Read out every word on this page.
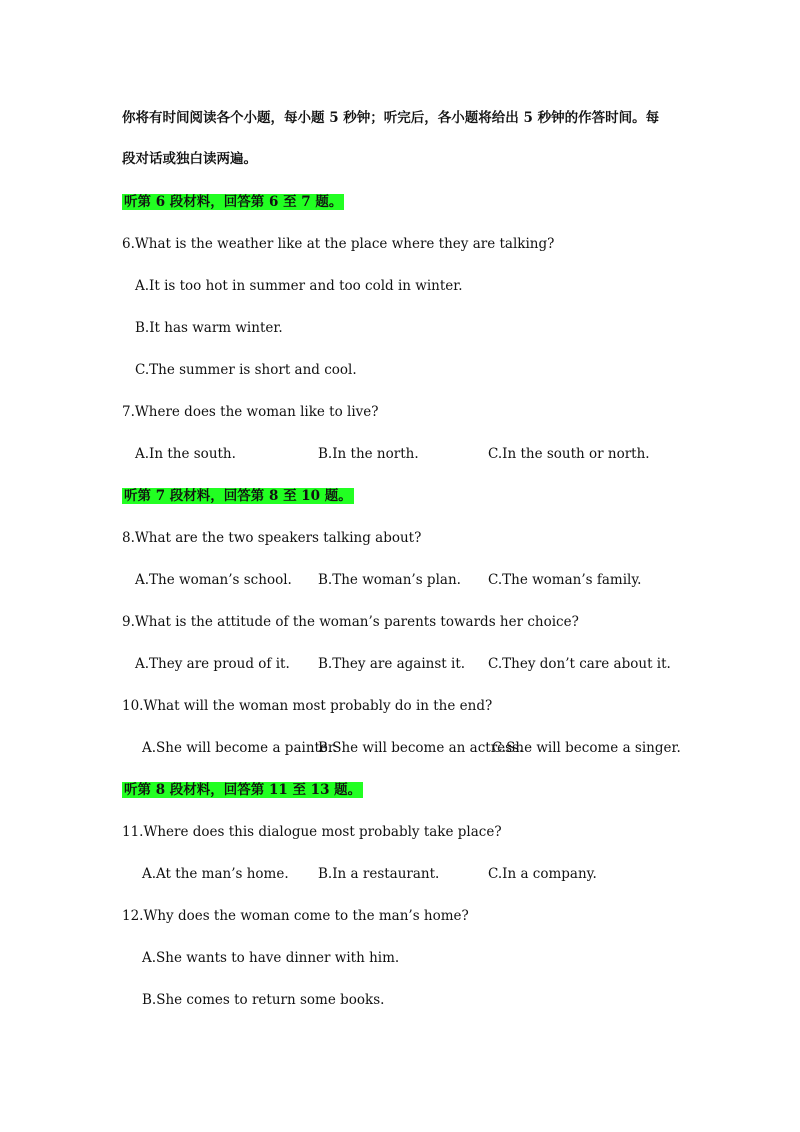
你将有时间阅读各个小题，每小题 5 秒钟；听完后，各小题将给出 5 秒钟的作答时间。每
段对话或独白读两遍。
听第 6 段材料，回答第 6 至 7 题。
6.What is the weather like at the place where they are talking?
A.It is too hot in summer and too cold in winter.
B.It has warm winter.
C.The summer is short and cool.
7.Where does the woman like to live?
A.In the south.	B.In the north.	C.In the south or north.
听第 7 段材料，回答第 8 至 10 题。
8.What are the two speakers talking about?
A.The woman’s school. B.The woman’s plan. C.The woman’s family.
9.What is the attitude of the woman’s parents towards her choice?
A.They are proud of it. B.They are against it. C.They don’t care about it.
10.What will the woman most probably do in the end?
A.She will become a painter.
B.She will become an actress.
C.She will become a singer.
听第 8 段材料，回答第 11 至 13 题。
11.Where does this dialogue most probably take place?
A.At the man’s home. B.In a restaurant.	C.In a company.
12.Why does the woman come to the man’s home?
A.She wants to have dinner with him.
B.She comes to return some books.
